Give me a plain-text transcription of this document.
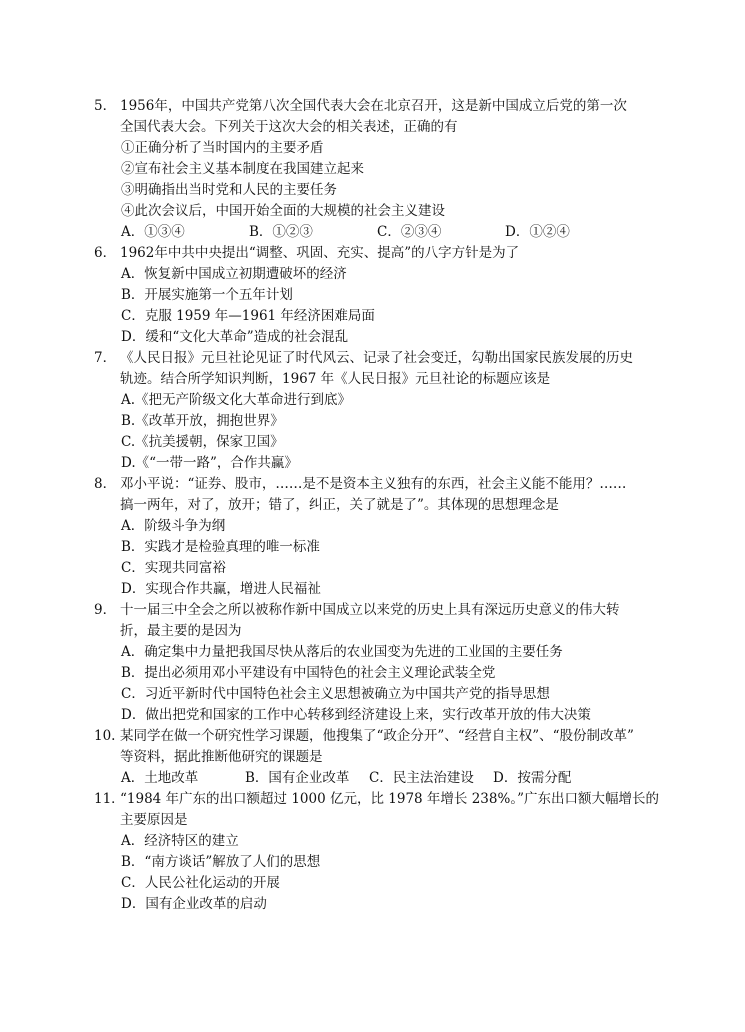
5． 1956年，中国共产党第八次全国代表大会在北京召开，这是新中国成立后党的第一次
全国代表大会。下列关于这次大会的相关表述，正确的有
①正确分析了当时国内的主要矛盾
②宣布社会主义基本制度在我国建立起来
③明确指出当时党和人民的主要任务
④此次会议后，中国开始全面的大规模的社会主义建设
A．①③④	B．①②③	C．②③④	D．①②④
6． 1962年中共中央提出“调整、巩固、充实、提高”的八字方针是为了
A．恢复新中国成立初期遭破坏的经济
B．开展实施第一个五年计划
C．克服 1959 年—1961 年经济困难局面
D．缓和“文化大革命”造成的社会混乱
7． 《人民日报》元旦社论见证了时代风云、记录了社会变迁，勾勒出国家民族发展的历史
轨迹。结合所学知识判断，1967 年《人民日报》元旦社论的标题应该是
A.《把无产阶级文化大革命进行到底》
B.《改革开放，拥抱世界》
C.《抗美援朝，保家卫国》
D.《“一带一路”，合作共赢》
8． 邓小平说：“证券、股市，……是不是资本主义独有的东西，社会主义能不能用？……
搞一两年，对了，放开；错了，纠正，关了就是了”。其体现的思想理念是
A．阶级斗争为纲
B．实践才是检验真理的唯一标准
C．实现共同富裕
D．实现合作共赢，增进人民福祉
9． 十一届三中全会之所以被称作新中国成立以来党的历史上具有深远历史意义的伟大转
折，最主要的是因为
A．确定集中力量把我国尽快从落后的农业国变为先进的工业国的主要任务
B．提出必须用邓小平建设有中国特色的社会主义理论武装全党
C．习近平新时代中国特色社会主义思想被确立为中国共产党的指导思想
D．做出把党和国家的工作中心转移到经济建设上来，实行改革开放的伟大决策
10. 某同学在做一个研究性学习课题，他搜集了“政企分开”、“经营自主权”、“股份制改革”
等资料，据此推断他研究的课题是
A．土地改革	B．国有企业改革	C．民主法治建设	D．按需分配
11．
“1984 年广东的出口额超过 1000 亿元，比 1978 年增长 238%。”广东出口额大幅增长的
主要原因是
A．经济特区的建立
B．“南方谈话”解放了人们的思想
C．人民公社化运动的开展
D．国有企业改革的启动
